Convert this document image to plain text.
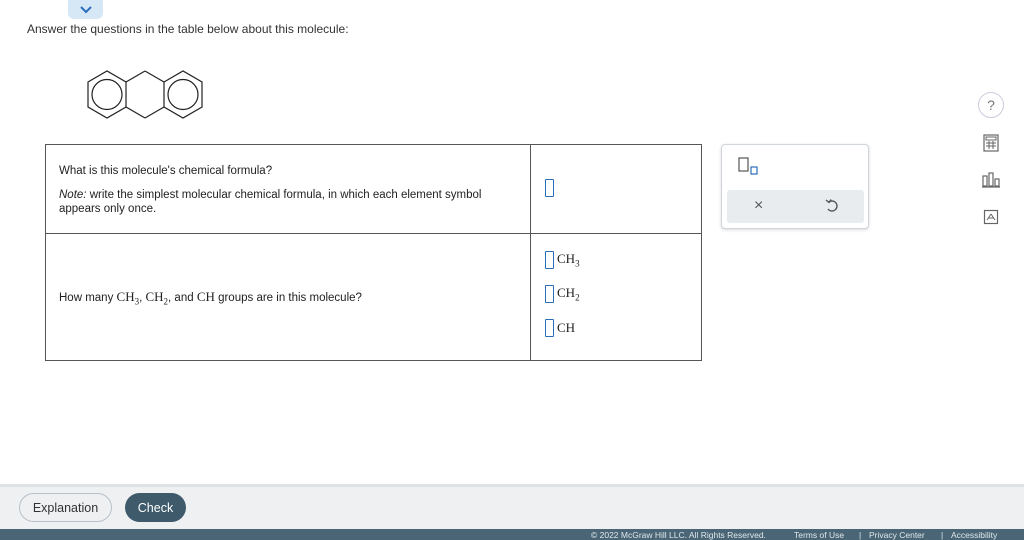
Answer the questions in the table below about this molecule:
What is this molecule's chemical formula?
Note: write the simplest molecular chemical formula, in which each element symbol appears only once.
How many $CH_3$, $CH_2$, and CH groups are in this molecule?
$CH_3$
$CH_2$
CH
×
?
Explanation	Check
© 2022 McGraw Hill LLC. All Rights Reserved.	Terms of Use | Privacy Center | Accessibility
